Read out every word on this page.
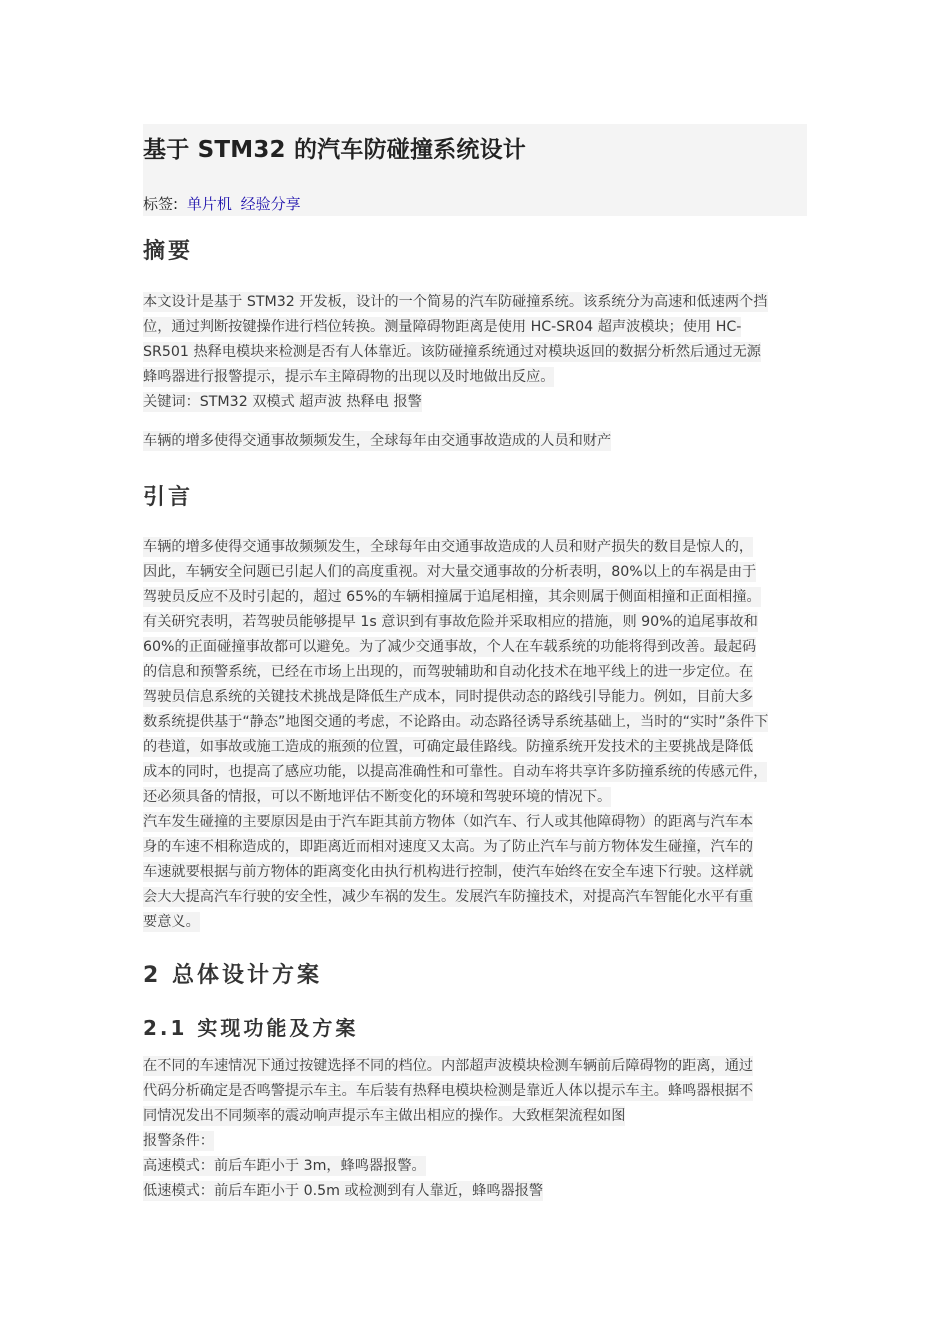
基于 STM32 的汽车防碰撞系统设计
标签: 单片机 经验分享
摘要
本文设计是基于 STM32 开发板，设计的一个简易的汽车防碰撞系统。该系统分为高速和低速两个挡
位，通过判断按键操作进行档位转换。测量障碍物距离是使用 HC-SR04 超声波模块；使用 HC-
SR501 热释电模块来检测是否有人体靠近。该防碰撞系统通过对模块返回的数据分析然后通过无源
蜂鸣器进行报警提示，提示车主障碍物的出现以及时地做出反应。
关键词：STM32 双模式 超声波 热释电 报警
车辆的增多使得交通事故频频发生，全球每年由交通事故造成的人员和财产
引言
车辆的增多使得交通事故频频发生，全球每年由交通事故造成的人员和财产损失的数目是惊人的，
因此，车辆安全问题已引起人们的高度重视。对大量交通事故的分析表明，80%以上的车祸是由于
驾驶员反应不及时引起的，超过 65%的车辆相撞属于追尾相撞，其余则属于侧面相撞和正面相撞。
有关研究表明，若驾驶员能够提早 1s 意识到有事故危险并采取相应的措施，则 90%的追尾事故和
60%的正面碰撞事故都可以避免。为了减少交通事故，个人在车载系统的功能将得到改善。最起码
的信息和预警系统，已经在市场上出现的，而驾驶辅助和自动化技术在地平线上的进一步定位。在
驾驶员信息系统的关键技术挑战是降低生产成本，同时提供动态的路线引导能力。例如，目前大多
数系统提供基于“静态”地图交通的考虑，不论路由。动态路径诱导系统基础上，当时的“实时”条件下
的巷道，如事故或施工造成的瓶颈的位置，可确定最佳路线。防撞系统开发技术的主要挑战是降低
成本的同时，也提高了感应功能，以提高准确性和可靠性。自动车将共享许多防撞系统的传感元件，
还必须具备的情报，可以不断地评估不断变化的环境和驾驶环境的情况下。
汽车发生碰撞的主要原因是由于汽车距其前方物体（如汽车、行人或其他障碍物）的距离与汽车本
身的车速不相称造成的，即距离近而相对速度又太高。为了防止汽车与前方物体发生碰撞，汽车的
车速就要根据与前方物体的距离变化由执行机构进行控制，使汽车始终在安全车速下行驶。这样就
会大大提高汽车行驶的安全性，减少车祸的发生。发展汽车防撞技术，对提高汽车智能化水平有重
要意义。
2 总体设计方案
2.1 实现功能及方案
在不同的车速情况下通过按键选择不同的档位。内部超声波模块检测车辆前后障碍物的距离，通过
代码分析确定是否鸣警提示车主。车后装有热释电模块检测是靠近人体以提示车主。蜂鸣器根据不
同情况发出不同频率的震动响声提示车主做出相应的操作。大致框架流程如图
报警条件：
高速模式：前后车距小于 3m，蜂鸣器报警。
低速模式：前后车距小于 0.5m 或检测到有人靠近，蜂鸣器报警
